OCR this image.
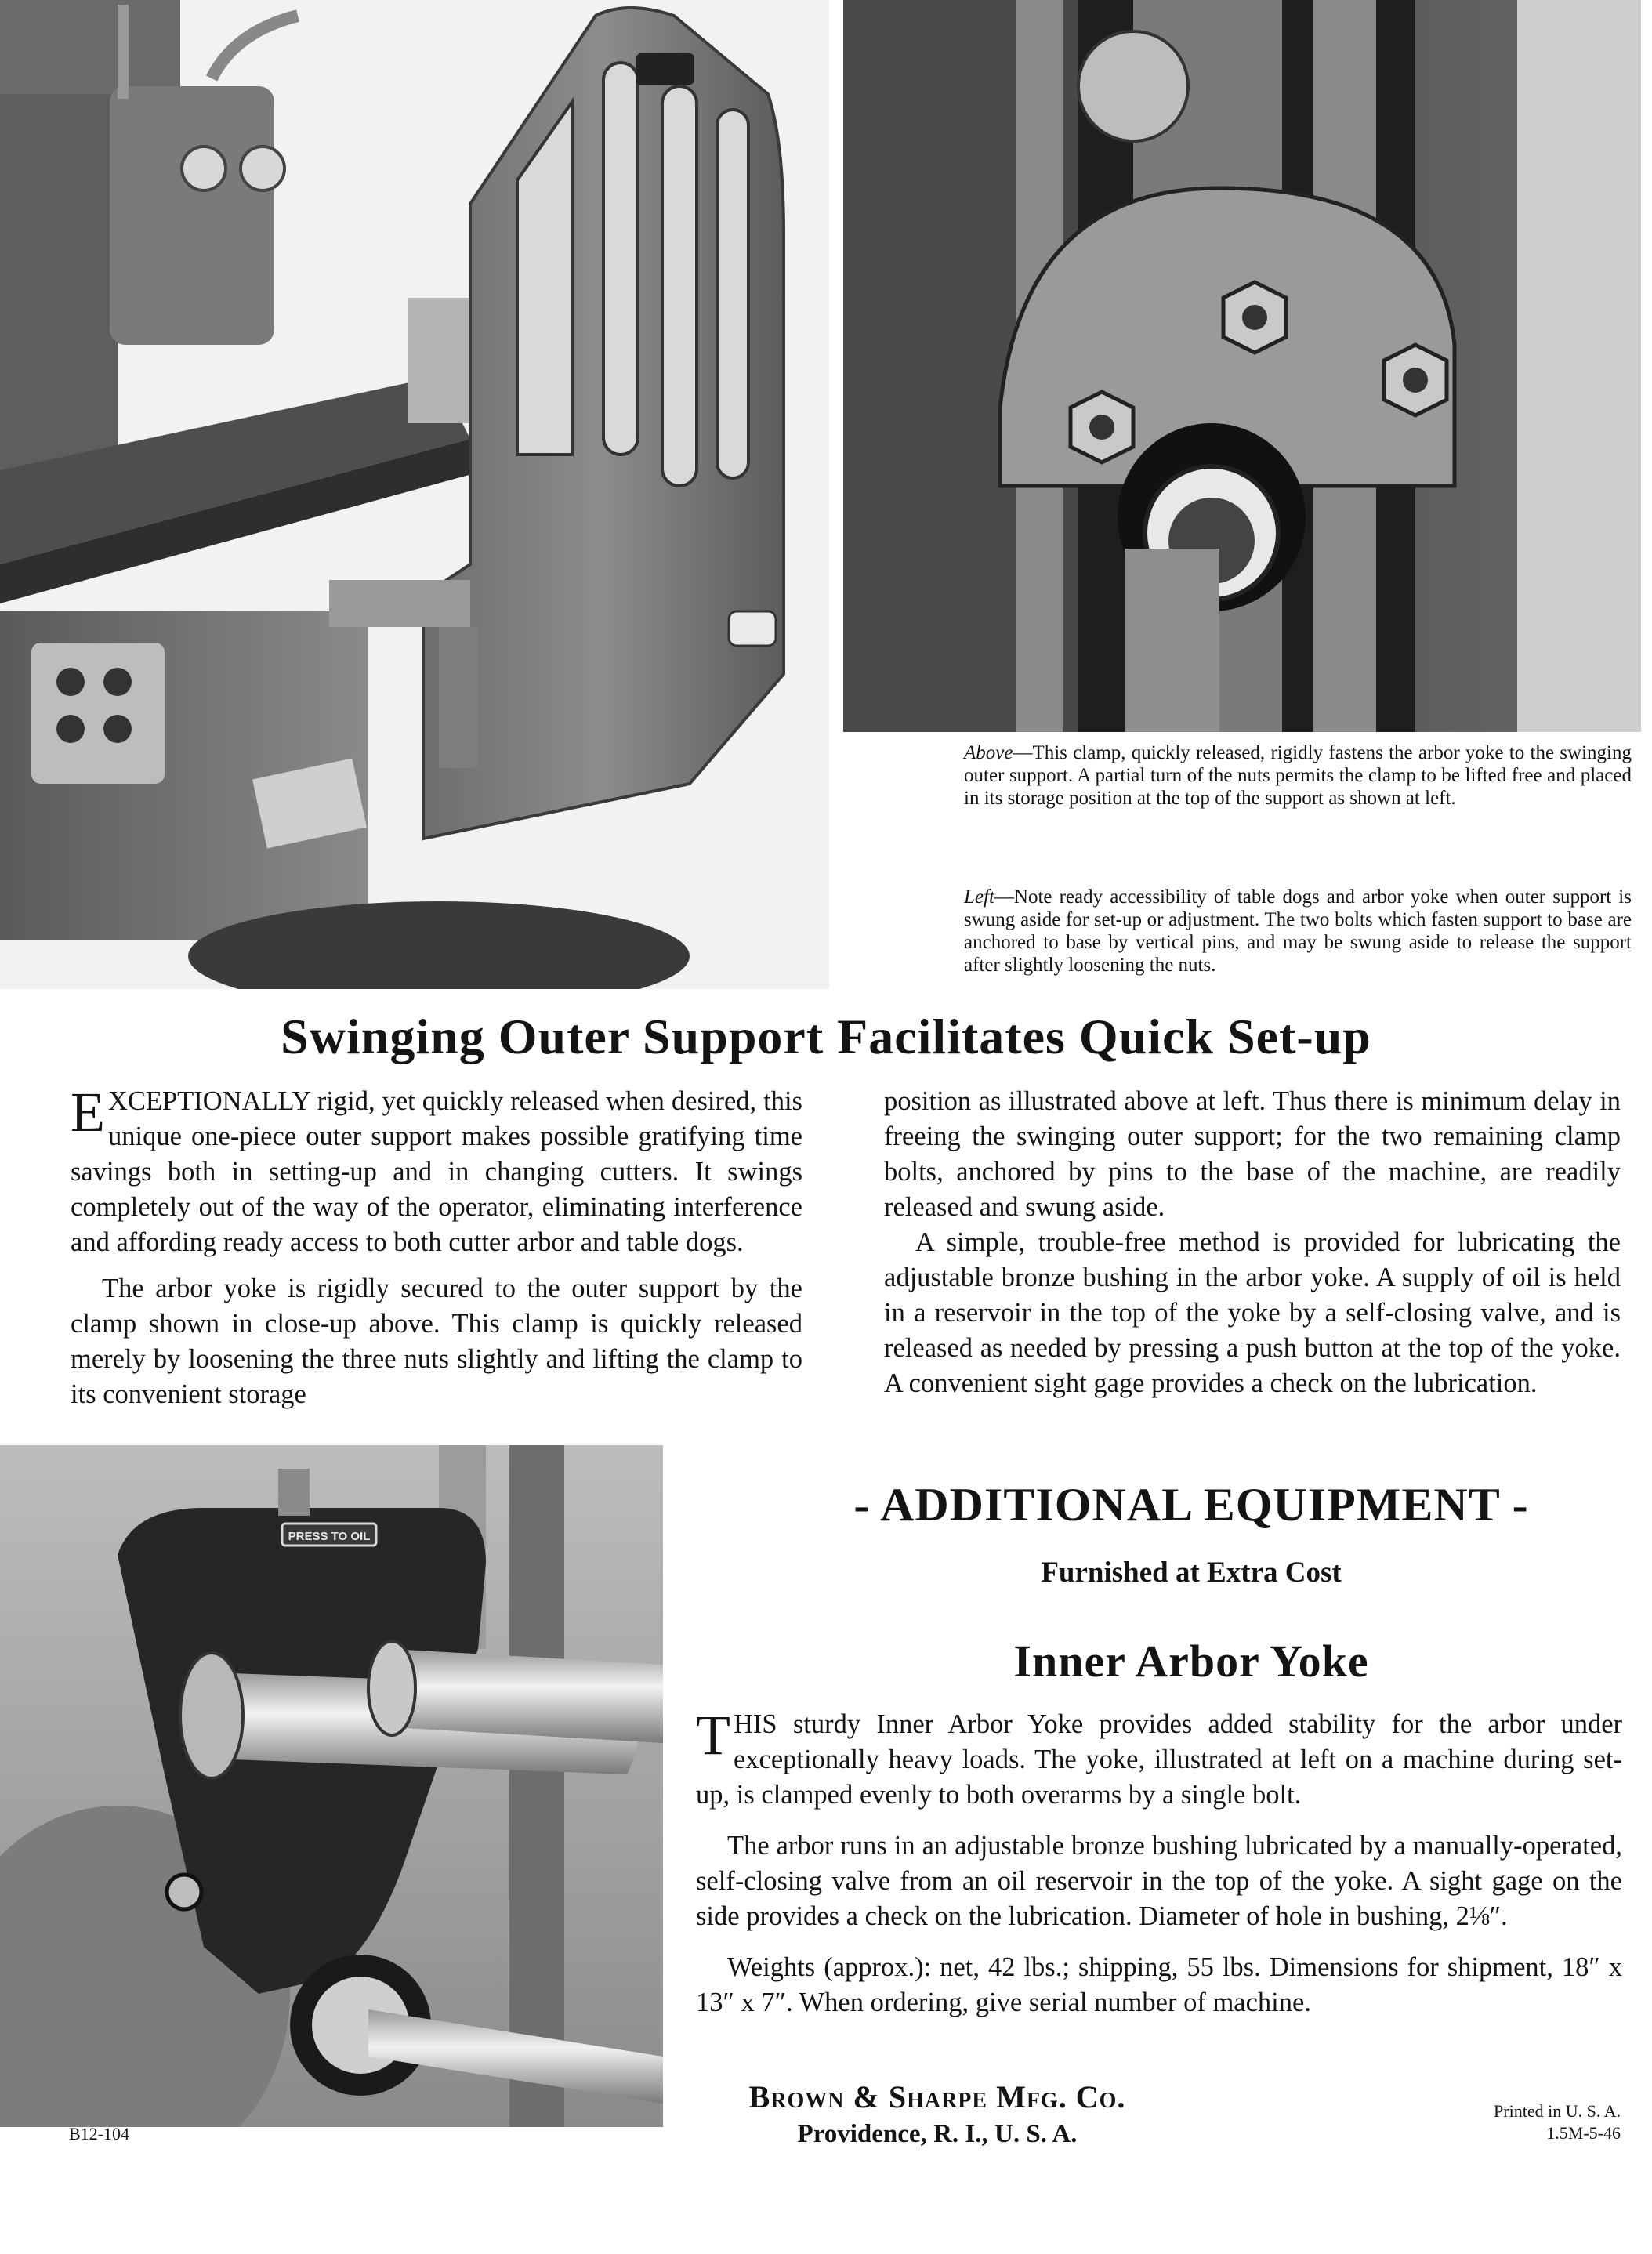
Above—This clamp, quickly released, rigidly fastens the arbor yoke to the swinging outer support. A partial turn of the nuts permits the clamp to be lifted free and placed in its storage position at the top of the support as shown at left.

Left—Note ready accessibility of table dogs and arbor yoke when outer support is swung aside for set-up or adjustment. The two bolts which fasten support to base are anchored to base by vertical pins, and may be swung aside to release the support after slightly loosening the nuts.

Swinging Outer Support Facilitates Quick Set-up

EXCEPTIONALLY rigid, yet quickly released when desired, this unique one-piece outer support makes possible gratifying time savings both in setting-up and in changing cutters. It swings completely out of the way of the operator, eliminating interference and affording ready access to both cutter arbor and table dogs.

The arbor yoke is rigidly secured to the outer support by the clamp shown in close-up above. This clamp is quickly released merely by loosening the three nuts slightly and lifting the clamp to its convenient storage

position as illustrated above at left. Thus there is minimum delay in freeing the swinging outer support; for the two remaining clamp bolts, anchored by pins to the base of the machine, are readily released and swung aside.

A simple, trouble-free method is provided for lubricating the adjustable bronze bushing in the arbor yoke. A supply of oil is held in a reservoir in the top of the yoke by a self-closing valve, and is released as needed by pressing a push button at the top of the yoke. A convenient sight gage provides a check on the lubrication.

PRESS TO OIL
- ADDITIONAL EQUIPMENT -
Furnished at Extra Cost
Inner Arbor Yoke

THIS sturdy Inner Arbor Yoke provides added stability for the arbor under exceptionally heavy loads. The yoke, illustrated at left on a machine during set-up, is clamped evenly to both overarms by a single bolt.

The arbor runs in an adjustable bronze bushing lubricated by a manually-operated, self-closing valve from an oil reservoir in the top of the yoke. A sight gage on the side provides a check on the lubrication. Diameter of hole in bushing, 2⅛″.

Weights (approx.): net, 42 lbs.; shipping, 55 lbs. Dimensions for shipment, 18″ x 13″ x 7″. When ordering, give serial number of machine.

Brown & Sharpe Mfg. Co.
Providence, R. I., U. S. A.
B12-104
Printed in U. S. A.
1.5M-5-46
